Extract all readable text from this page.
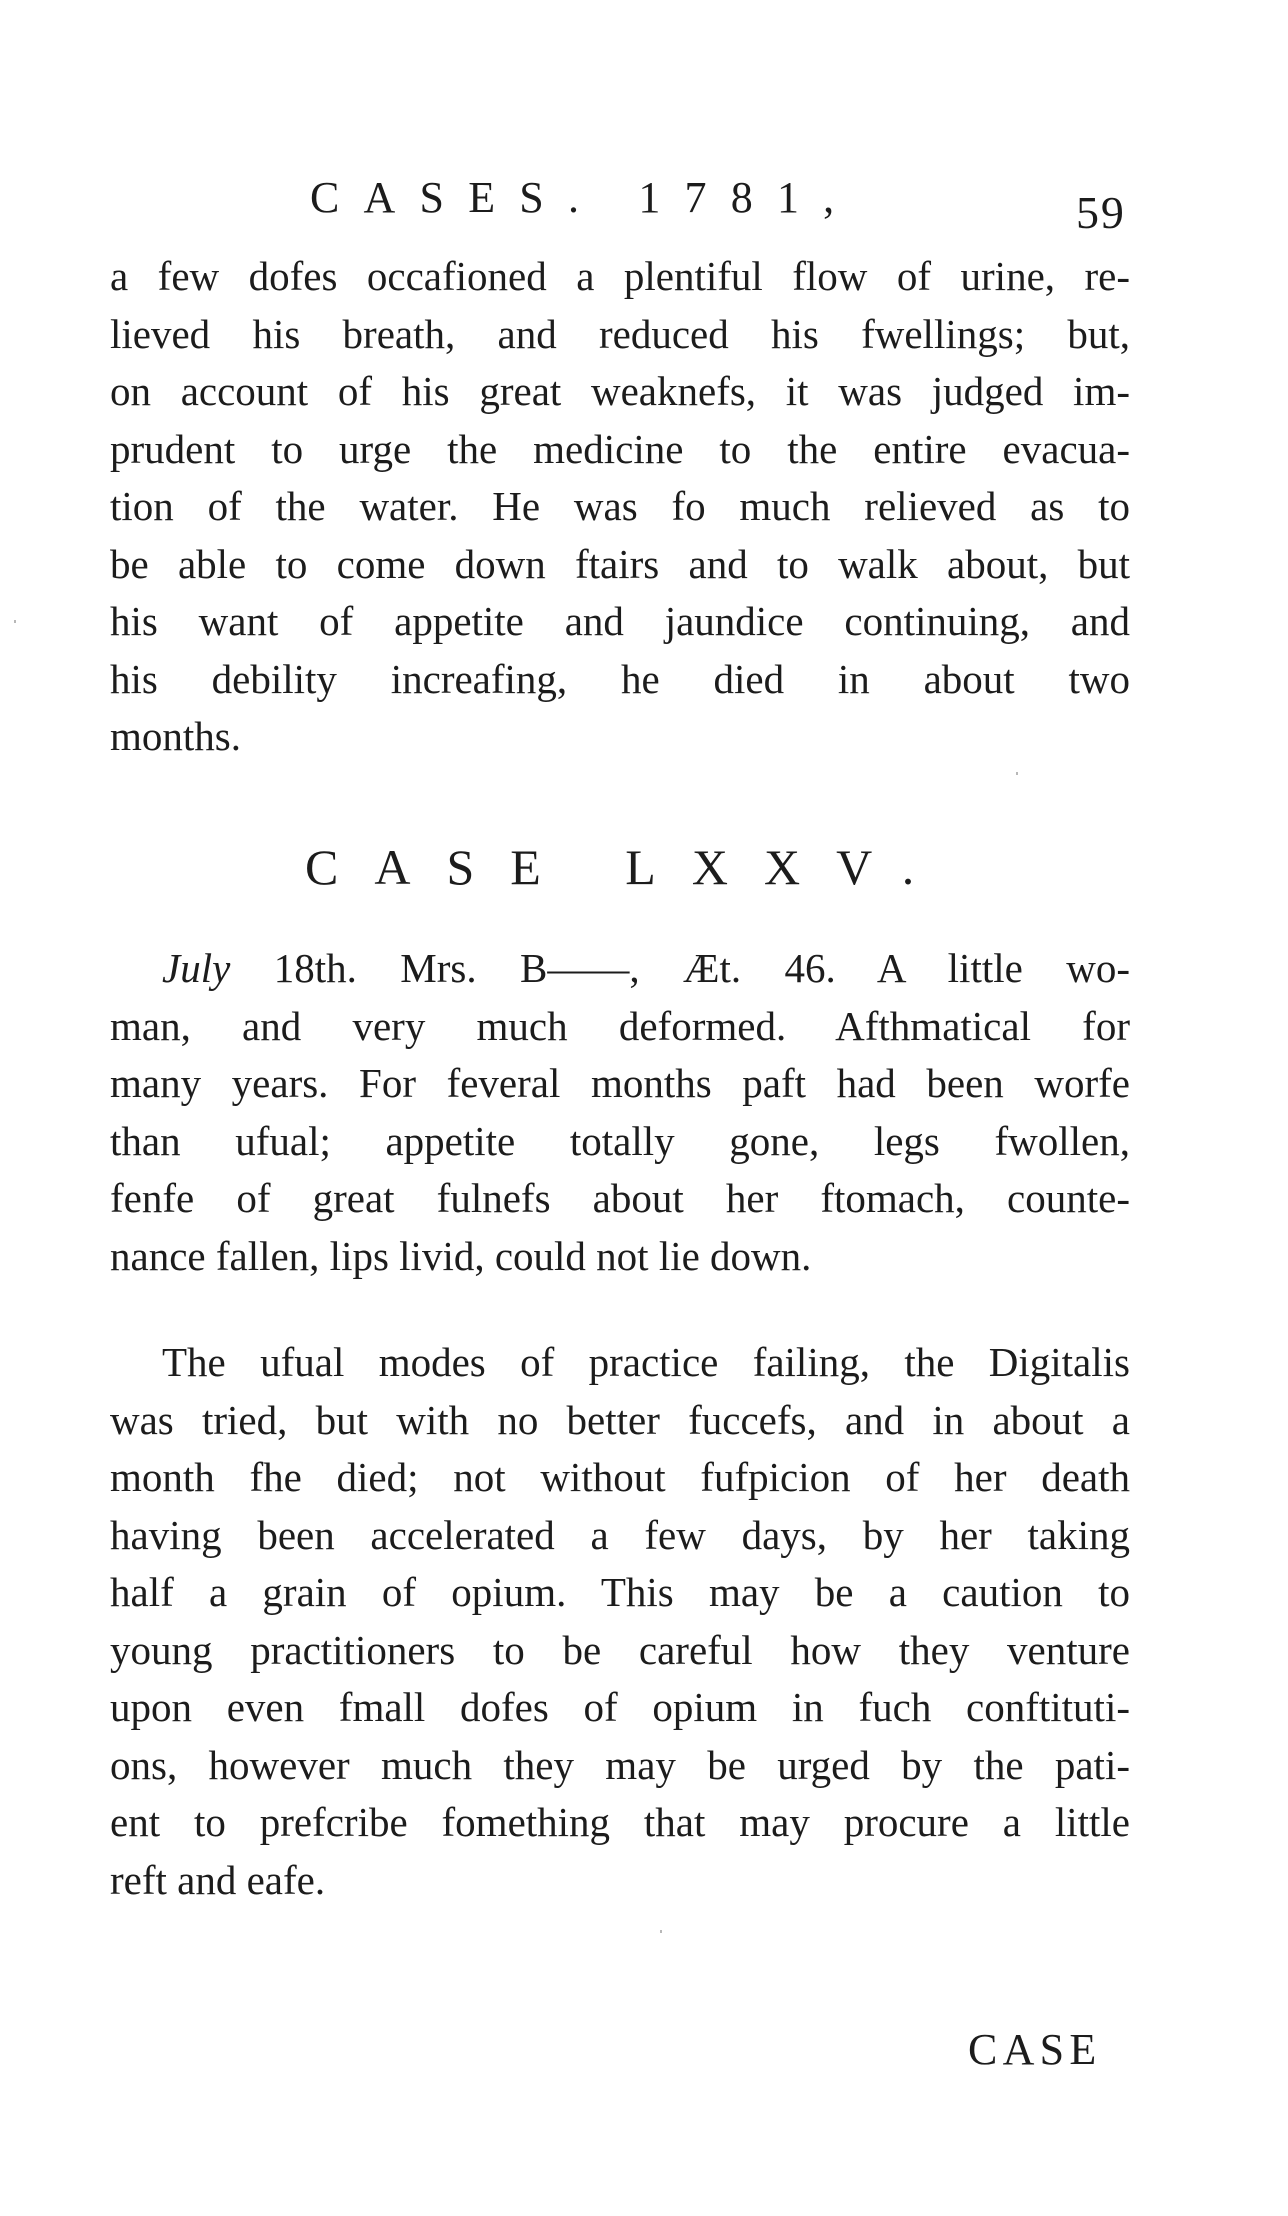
CASES. 1781,	59
a few dofes occafioned a plentiful flow of urine, re-
lieved his breath, and reduced his fwellings; but,
on account of his great weaknefs, it was judged im-
prudent to urge the medicine to the entire evacua-
tion of the water. He was fo much relieved as to
be able to come down ftairs and to walk about, but
his want of appetite and jaundice continuing, and
his debility increafing, he died in about two
months.
CASE LXXV.
July 18th. Mrs. B——, Æt. 46. A little wo-
man, and very much deformed. Afthmatical for
many years. For feveral months paft had been worfe
than ufual; appetite totally gone, legs fwollen,
fenfe of great fulnefs about her ftomach, counte-
nance fallen, lips livid, could not lie down.
The ufual modes of practice failing, the Digitalis
was tried, but with no better fuccefs, and in about a
month fhe died; not without fufpicion of her death
having been accelerated a few days, by her taking
half a grain of opium. This may be a caution to
young practitioners to be careful how they venture
upon even fmall dofes of opium in fuch conftituti-
ons, however much they may be urged by the pati-
ent to prefcribe fomething that may procure a little
reft and eafe.
CASE
